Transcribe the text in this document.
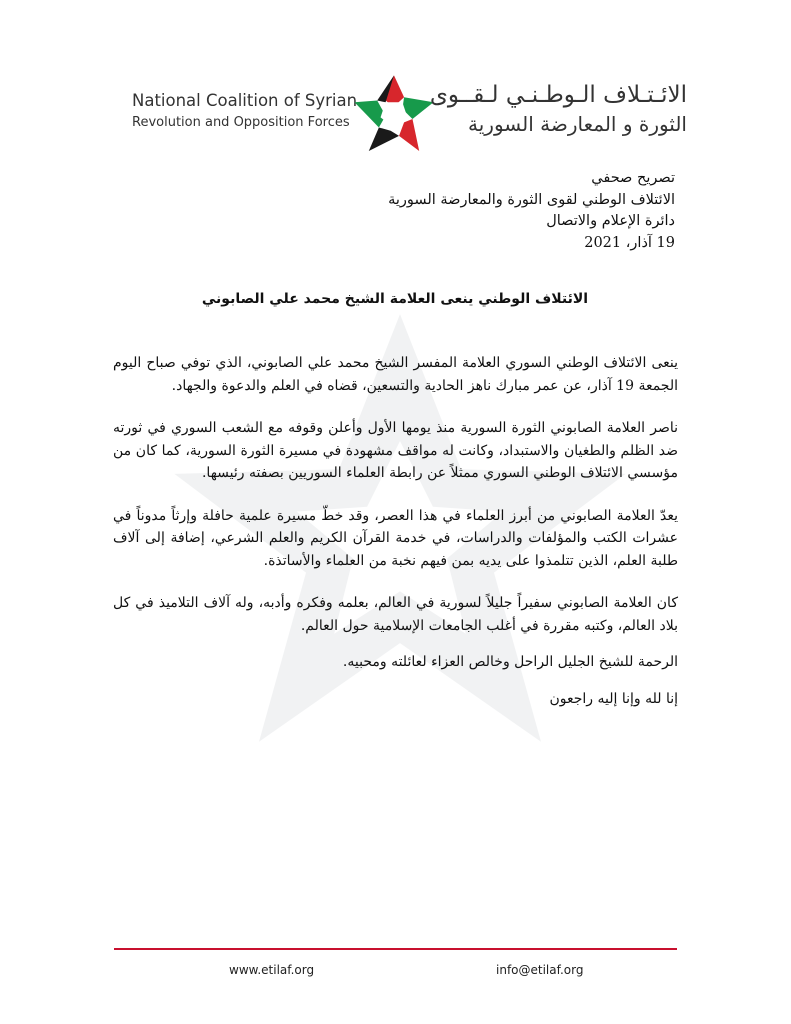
National Coalition of Syrian
Revolution and Opposition Forces
الائـتـلاف الـوطـنـي لـقــوى
الثورة و المعارضة السورية
تصريح صحفي
الائتلاف الوطني لقوى الثورة والمعارضة السورية
دائرة الإعلام والاتصال
19 آذار، 2021
الائتلاف الوطني ينعى العلامة الشيخ محمد علي الصابوني

ينعى الائتلاف الوطني السوري العلامة المفسر الشيخ محمد علي الصابوني، الذي توفي صباح اليوم الجمعة 19 آذار، عن عمر مبارك ناهز الحادية والتسعين، قضاه في العلم والدعوة والجهاد.

ناصر العلامة الصابوني الثورة السورية منذ يومها الأول وأعلن وقوفه مع الشعب السوري في ثورته ضد الظلم والطغيان والاستبداد، وكانت له مواقف مشهودة في مسيرة الثورة السورية، كما كان من مؤسسي الائتلاف الوطني السوري ممثلاً عن رابطة العلماء السوريين بصفته رئيسها.

يعدّ العلامة الصابوني من أبرز العلماء في هذا العصر، وقد خطّ مسيرة علمية حافلة وإرثاً مدوناً في عشرات الكتب والمؤلفات والدراسات، في خدمة القرآن الكريم والعلم الشرعي، إضافة إلى آلاف طلبة العلم، الذين تتلمذوا على يديه بمن فيهم نخبة من العلماء والأساتذة.

كان العلامة الصابوني سفيراً جليلاً لسورية في العالم، بعلمه وفكره وأدبه، وله آلاف التلاميذ في كل بلاد العالم، وكتبه مقررة في أغلب الجامعات الإسلامية حول العالم.

الرحمة للشيخ الجليل الراحل وخالص العزاء لعائلته ومحبيه.

إنا لله وإنا إليه راجعون

www.etilaf.org	info@etilaf.org
